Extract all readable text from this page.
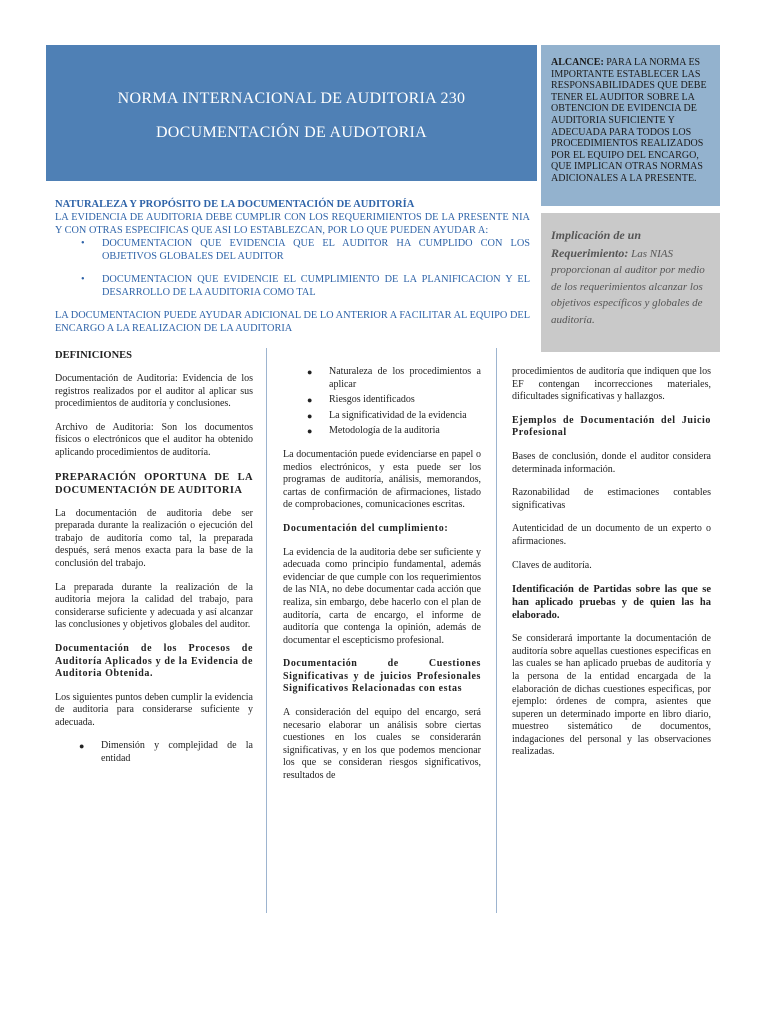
NORMA INTERNACIONAL DE AUDITORIA 230
DOCUMENTACIÓN DE AUDOTORIA
ALCANCE: PARA LA NORMA ES IMPORTANTE ESTABLECER LAS RESPONSABILIDADES QUE DEBE TENER EL AUDITOR SOBRE LA OBTENCION DE EVIDENCIA DE AUDITORIA SUFICIENTE Y ADECUADA PARA TODOS LOS PROCEDIMIENTOS REALIZADOS POR EL EQUIPO DEL ENCARGO, QUE IMPLICAN OTRAS NORMAS ADICIONALES A LA PRESENTE.
Implicación de un Requerimiento: Las NIAS proporcionan al auditor por medio de los requerimientos alcanzar los objetivos específicos y globales de auditoría.
NATURALEZA Y PROPÓSITO DE LA DOCUMENTACIÓN DE AUDITORÍA
LA EVIDENCIA DE AUDITORIA DEBE CUMPLIR CON LOS REQUERIMIENTOS DE LA PRESENTE NIA Y CON OTRAS ESPECIFICAS QUE ASI LO ESTABLEZCAN, POR LO QUE PUEDEN AYUDAR A:
• DOCUMENTACION QUE EVIDENCIA QUE EL AUDITOR HA CUMPLIDO CON LOS OBJETIVOS GLOBALES DEL AUDITOR
• DOCUMENTACION QUE EVIDENCIE EL CUMPLIMIENTO DE LA PLANIFICACION Y EL DESARROLLO DE LA AUDITORIA COMO TAL
LA DOCUMENTACION PUEDE AYUDAR ADICIONAL DE LO ANTERIOR A FACILITAR AL EQUIPO DEL ENCARGO A LA REALIZACION DE LA AUDITORIA
DEFINICIONES

Documentación de Auditoria: Evidencia de los registros realizados por el auditor al aplicar sus procedimientos de auditoría y conclusiones.

Archivo de Auditoria: Son los documentos físicos o electrónicos que el auditor ha obtenido aplicando procedimientos de auditoría.

PREPARACIÓN OPORTUNA DE LA DOCUMENTACIÓN DE AUDITORIA

La documentación de auditoria debe ser preparada durante la realización o ejecución del trabajo de auditoría como tal, la preparada después, será menos exacta para la base de la conclusión del trabajo.

La preparada durante la realización de la auditoria mejora la calidad del trabajo, para considerarse suficiente y adecuada y así alcanzar las conclusiones y objetivos globales del auditor.

Documentación de los Procesos de Auditoría Aplicados y de la Evidencia de Auditoria Obtenida.

Los siguientes puntos deben cumplir la evidencia de auditoria para considerarse suficiente y adecuada.

● Dimensión y complejidad de la entidad
● Naturaleza de los procedimientos a aplicar
● Riesgos identificados
● La significatividad de la evidencia
● Metodología de la auditoria

La documentación puede evidenciarse en papel o medios electrónicos, y esta puede ser los programas de auditoría, análisis, memorandos, cartas de confirmación de afirmaciones, listado de comprobaciones, comunicaciones escritas.

Documentación del cumplimiento:

La evidencia de la auditoria debe ser suficiente y adecuada como principio fundamental, además evidenciar de que cumple con los requerimientos de las NIA, no debe documentar cada acción que realiza, sin embargo, debe hacerlo con el plan de auditoría, carta de encargo, el informe de auditoría que contenga la opinión, además de documentar el escepticismo profesional.

Documentación de Cuestiones Significativas y de juicios Profesionales Significativos Relacionadas con estas

A consideración del equipo del encargo, será necesario elaborar un análisis sobre ciertas cuestiones en los cuales se considerarán significativas, y en los que podemos mencionar los que se consideran riesgos significativos, resultados de

procedimientos de auditoría que indiquen que los EF contengan incorrecciones materiales, dificultades significativas y hallazgos.

Ejemplos de Documentación del Juicio Profesional

Bases de conclusión, donde el auditor considera determinada información.

Razonabilidad de estimaciones contables significativas

Autenticidad de un documento de un experto o afirmaciones.

Claves de auditoría.

Identificación de Partidas sobre las que se han aplicado pruebas y de quien las ha elaborado.

Se considerará importante la documentación de auditoría sobre aquellas cuestiones especificas en las cuales se han aplicado pruebas de auditoría y la persona de la entidad encargada de la elaboración de dichas cuestiones especificas, por ejemplo: órdenes de compra, asientes que superen un determinado importe en libro diario, muestreo sistemático de documentos, indagaciones del personal y las observaciones realizadas.
